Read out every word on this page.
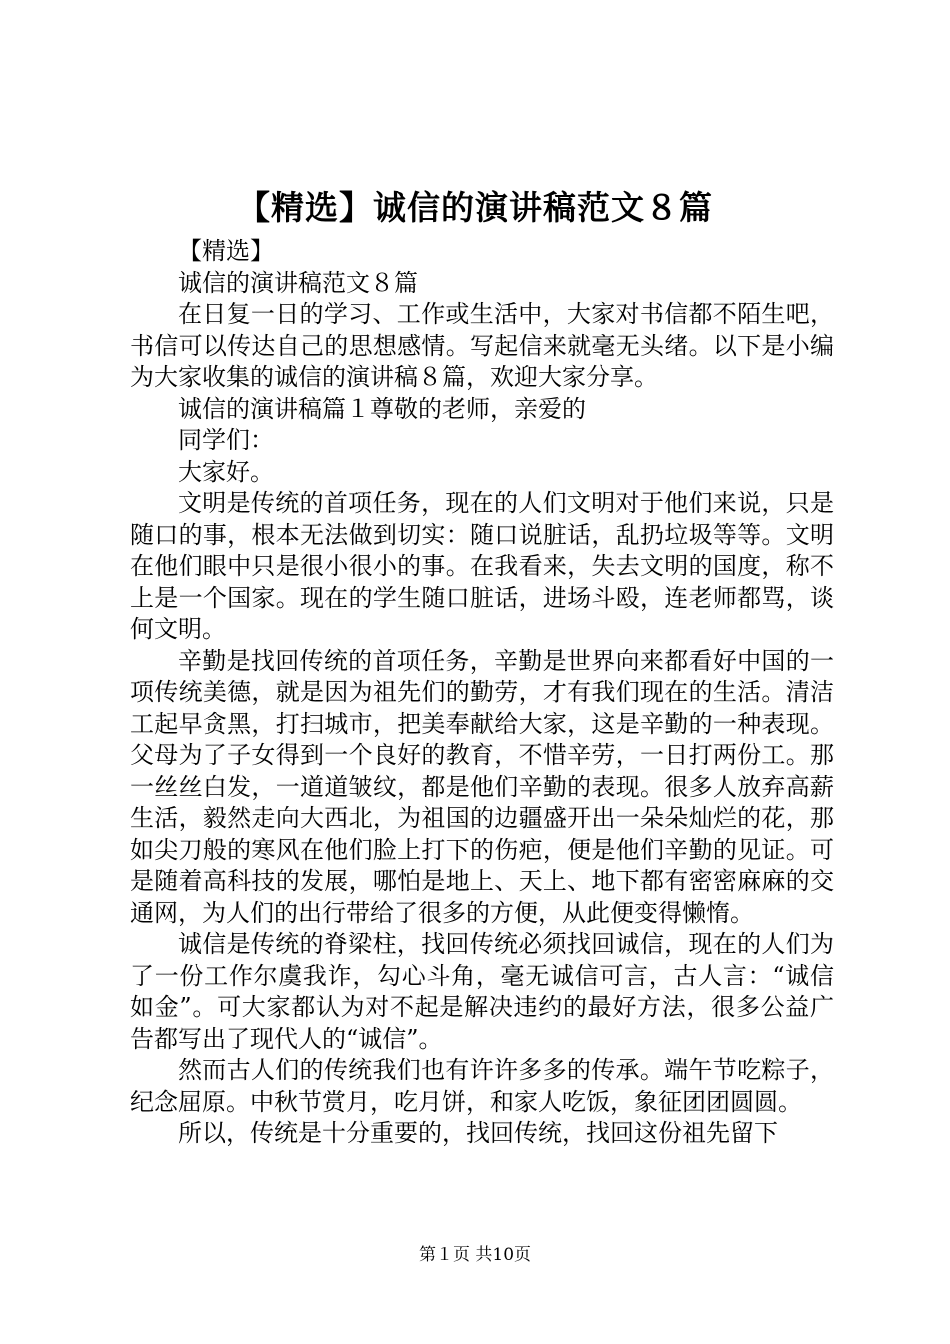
【精选】诚信的演讲稿范文８篇

【精选】

诚信的演讲稿范文８篇

在日复一日的学习、工作或生活中，大家对书信都不陌生吧，书信可以传达自己的思想感情。写起信来就毫无头绪。以下是小编为大家收集的诚信的演讲稿８篇，欢迎大家分享。

诚信的演讲稿篇１尊敬的老师，亲爱的

同学们：

大家好。

文明是传统的首项任务，现在的人们文明对于他们来说，只是随口的事，根本无法做到切实：随口说脏话，乱扔垃圾等等。文明在他们眼中只是很小很小的事。在我看来，失去文明的国度，称不上是一个国家。现在的学生随口脏话，进场斗殴，连老师都骂，谈何文明。

辛勤是找回传统的首项任务，辛勤是世界向来都看好中国的一项传统美德，就是因为祖先们的勤劳，才有我们现在的生活。清洁工起早贪黑，打扫城市，把美奉献给大家，这是辛勤的一种表现。父母为了子女得到一个良好的教育，不惜辛劳，一日打两份工。那一丝丝白发，一道道皱纹，都是他们辛勤的表现。很多人放弃高薪生活，毅然走向大西北，为祖国的边疆盛开出一朵朵灿烂的花，那如尖刀般的寒风在他们脸上打下的伤疤，便是他们辛勤的见证。可是随着高科技的发展，哪怕是地上、天上、地下都有密密麻麻的交通网，为人们的出行带给了很多的方便，从此便变得懒惰。

诚信是传统的脊梁柱，找回传统必须找回诚信，现在的人们为了一份工作尔虞我诈，勾心斗角，毫无诚信可言，古人言：“诚信如金”。可大家都认为对不起是解决违约的最好方法，很多公益广告都写出了现代人的“诚信”。

然而古人们的传统我们也有许许多多的传承。端午节吃粽子，纪念屈原。中秋节赏月，吃月饼，和家人吃饭，象征团团圆圆。

所以，传统是十分重要的，找回传统，找回这份祖先留下

第１页 共10页
